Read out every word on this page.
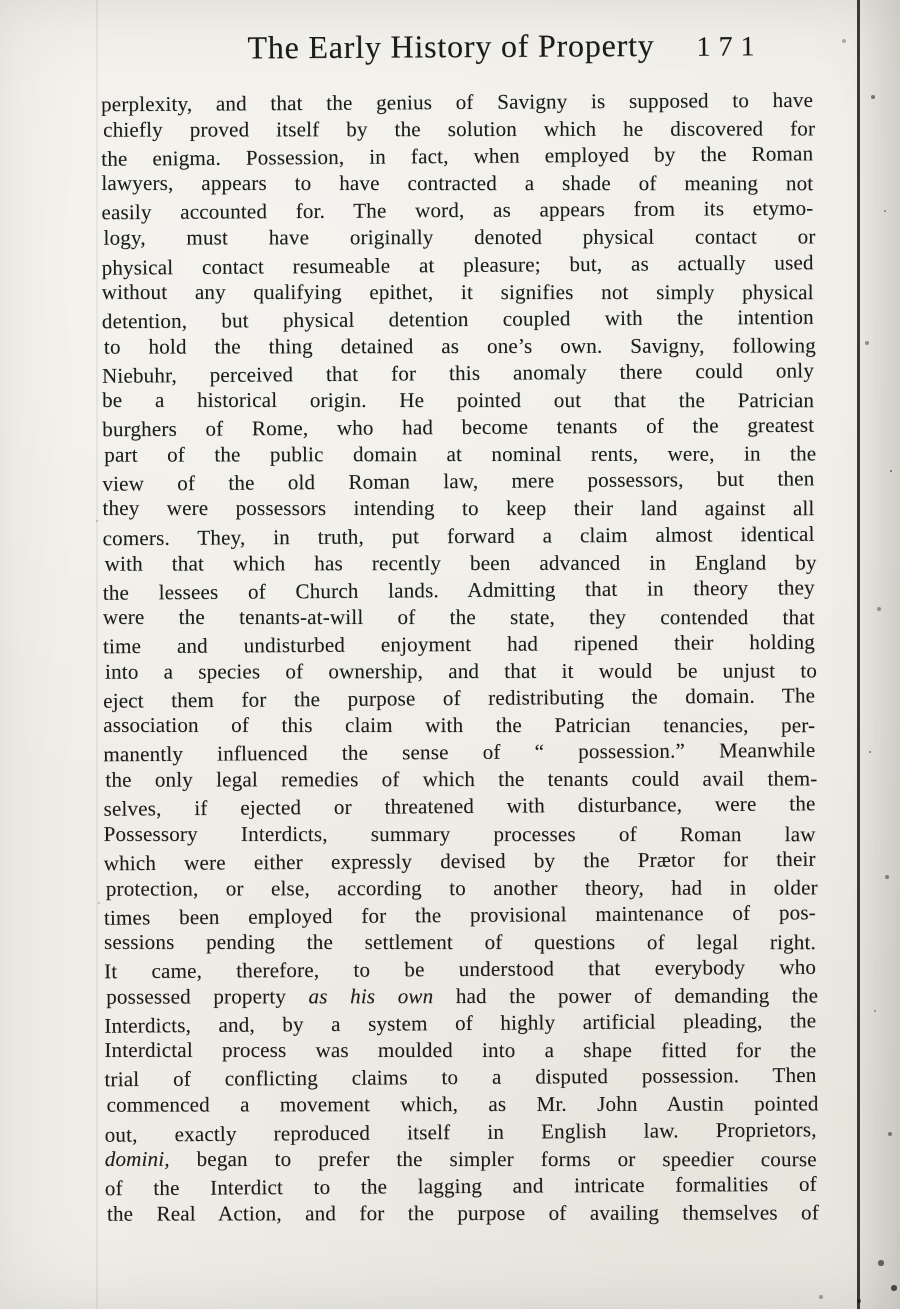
The Early History of Property 171
perplexity, and that the genius of Savigny is supposed to have
chiefly proved itself by the solution which he discovered for
the enigma. Possession, in fact, when employed by the Roman
lawyers, appears to have contracted a shade of meaning not
easily accounted for. The word, as appears from its etymo-
logy, must have originally denoted physical contact or
physical contact resumeable at pleasure; but, as actually used
without any qualifying epithet, it signifies not simply physical
detention, but physical detention coupled with the intention
to hold the thing detained as one’s own. Savigny, following
Niebuhr, perceived that for this anomaly there could only
be a historical origin. He pointed out that the Patrician
burghers of Rome, who had become tenants of the greatest
part of the public domain at nominal rents, were, in the
view of the old Roman law, mere possessors, but then
they were possessors intending to keep their land against all
comers. They, in truth, put forward a claim almost identical
with that which has recently been advanced in England by
the lessees of Church lands. Admitting that in theory they
were the tenants-at-will of the state, they contended that
time and undisturbed enjoyment had ripened their holding
into a species of ownership, and that it would be unjust to
eject them for the purpose of redistributing the domain. The
association of this claim with the Patrician tenancies, per-
manently influenced the sense of “ possession.” Meanwhile
the only legal remedies of which the tenants could avail them-
selves, if ejected or threatened with disturbance, were the
Possessory Interdicts, summary processes of Roman law
which were either expressly devised by the Prætor for their
protection, or else, according to another theory, had in older
times been employed for the provisional maintenance of pos-
sessions pending the settlement of questions of legal right.
It came, therefore, to be understood that everybody who
possessed property as his own had the power of demanding the
Interdicts, and, by a system of highly artificial pleading, the
Interdictal process was moulded into a shape fitted for the
trial of conflicting claims to a disputed possession. Then
commenced a movement which, as Mr. John Austin pointed
out, exactly reproduced itself in English law. Proprietors,
domini, began to prefer the simpler forms or speedier course
of the Interdict to the lagging and intricate formalities of
the Real Action, and for the purpose of availing themselves of
